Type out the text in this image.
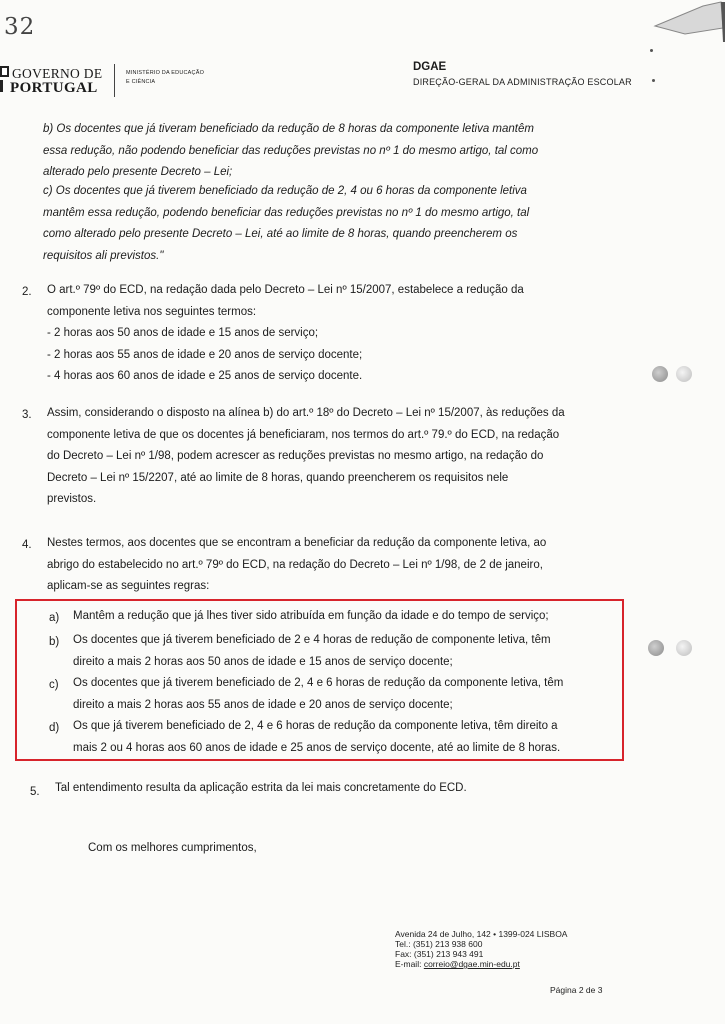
32
GOVERNO DE
PORTUGAL
MINISTÉRIO DA EDUCAÇÃO
E CIÊNCIA
DGAE
DIREÇÃO-GERAL DA ADMINISTRAÇÃO ESCOLAR
b) Os docentes que já tiveram beneficiado da redução de 8 horas da componente letiva mantêm
essa redução, não podendo beneficiar das reduções previstas no nº 1 do mesmo artigo, tal como
alterado pelo presente Decreto – Lei;
c) Os docentes que já tiverem beneficiado da redução de 2, 4 ou 6 horas da componente letiva
mantêm essa redução, podendo beneficiar das reduções previstas no nº 1 do mesmo artigo, tal
como alterado pelo presente Decreto – Lei, até ao limite de 8 horas, quando preencherem os
requisitos ali previstos."
2. O art.º 79º do ECD, na redação dada pelo Decreto – Lei nº 15/2007, estabelece a redução da
componente letiva nos seguintes termos:
- 2 horas aos 50 anos de idade e 15 anos de serviço;
- 2 horas aos 55 anos de idade e 20 anos de serviço docente;
- 4 horas aos 60 anos de idade e 25 anos de serviço docente.
3. Assim, considerando o disposto na alínea b) do art.º 18º do Decreto – Lei nº 15/2007, às reduções da
componente letiva de que os docentes já beneficiaram, nos termos do art.º 79.º do ECD, na redação
do Decreto – Lei nº 1/98, podem acrescer as reduções previstas no mesmo artigo, na redação do
Decreto – Lei nº 15/2207, até ao limite de 8 horas, quando preencherem os requisitos nele
previstos.
4. Nestes termos, aos docentes que se encontram a beneficiar da redução da componente letiva, ao
abrigo do estabelecido no art.º 79º do ECD, na redação do Decreto – Lei nº 1/98, de 2 de janeiro,
aplicam-se as seguintes regras:
a) Mantêm a redução que já lhes tiver sido atribuída em função da idade e do tempo de serviço;
b) Os docentes que já tiverem beneficiado de 2 e 4 horas de redução de componente letiva, têm
direito a mais 2 horas aos 50 anos de idade e 15 anos de serviço docente;
c) Os docentes que já tiverem beneficiado de 2, 4 e 6 horas de redução da componente letiva, têm
direito a mais 2 horas aos 55 anos de idade e 20 anos de serviço docente;
d) Os que já tiverem beneficiado de 2, 4 e 6 horas de redução da componente letiva, têm direito a
mais 2 ou 4 horas aos 60 anos de idade e 25 anos de serviço docente, até ao limite de 8 horas.
5. Tal entendimento resulta da aplicação estrita da lei mais concretamente do ECD.
Com os melhores cumprimentos,
Avenida 24 de Julho, 142 • 1399-024 LISBOA
Tel.: (351) 213 938 600
Fax: (351) 213 943 491
E-mail: correio@dgae.min-edu.pt
Página 2 de 3
